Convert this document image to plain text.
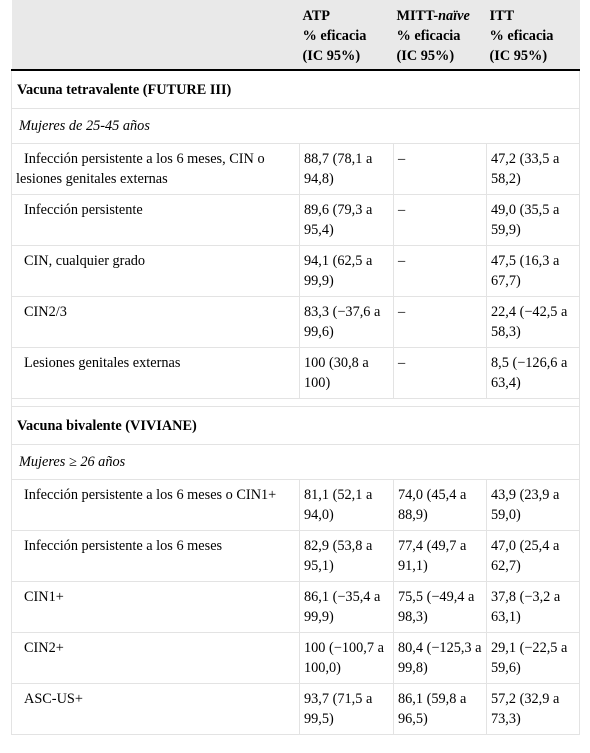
	ATP
% eficacia
(IC 95%)	MITT-naïve
% eficacia
(IC 95%)	ITT
% eficacia
(IC 95%)

Vacuna tetravalente (FUTURE III)			
Mujeres de 25-45 años			
Infección persistente a los 6 meses, CIN o lesiones genitales externas	88,7 (78,1 a 94,8)	–	47,2 (33,5 a 58,2)
Infección persistente	89,6 (79,3 a 95,4)	–	49,0 (35,5 a 59,9)
CIN, cualquier grado	94,1 (62,5 a 99,9)	–	47,5 (16,3 a 67,7)
CIN2/3	83,3 (−37,6 a 99,6)	–	22,4 (−42,5 a 58,3)
Lesiones genitales externas	100 (30,8 a 100)	–	8,5 (−126,6 a 63,4)

Vacuna bivalente (VIVIANE)			
Mujeres ≥ 26 años			
Infección persistente a los 6 meses o CIN1+	81,1 (52,1 a 94,0)	74,0 (45,4 a 88,9)	43,9 (23,9 a 59,0)
Infección persistente a los 6 meses	82,9 (53,8 a 95,1)	77,4 (49,7 a 91,1)	47,0 (25,4 a 62,7)
CIN1+	86,1 (−35,4 a 99,9)	75,5 (−49,4 a 98,3)	37,8 (−3,2 a 63,1)
CIN2+	100 (−100,7 a 100,0)	80,4 (−125,3 a 99,8)	29,1 (−22,5 a 59,6)
ASC-US+	93,7 (71,5 a 99,5)	86,1 (59,8 a 96,5)	57,2 (32,9 a 73,3)
